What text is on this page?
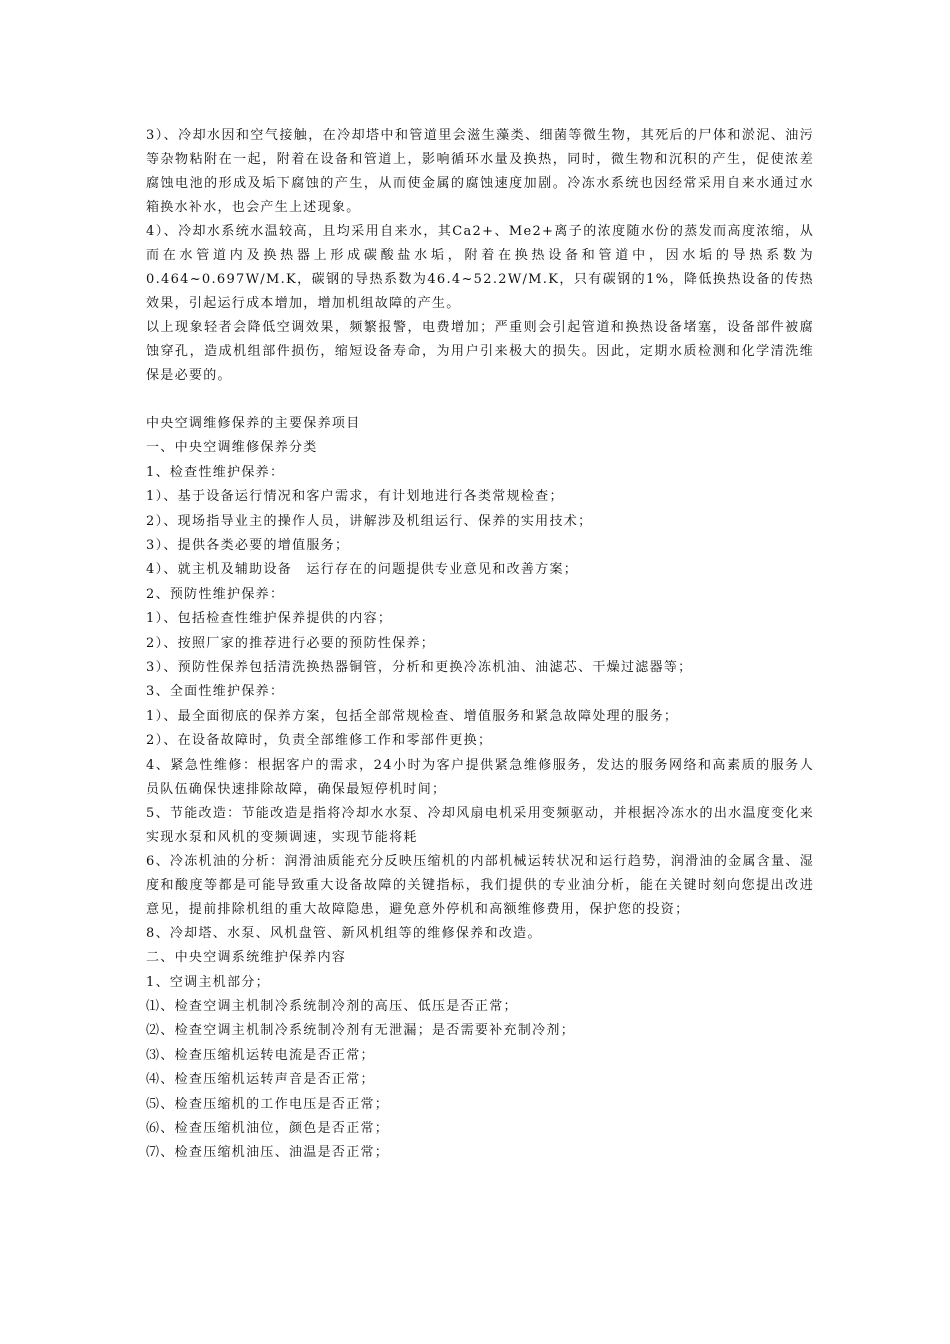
3）、冷却水因和空气接触，在冷却塔中和管道里会滋生藻类、细菌等微生物，其死后的尸体和淤泥、油污等杂物粘附在一起，附着在设备和管道上，影响循环水量及换热，同时，微生物和沉积的产生，促使浓差腐蚀电池的形成及垢下腐蚀的产生，从而使金属的腐蚀速度加剧。冷冻水系统也因经常采用自来水通过水箱换水补水，也会产生上述现象。

4）、冷却水系统水温较高，且均采用自来水，其Ca2+、Me2+离子的浓度随水份的蒸发而高度浓缩，从而在水管道内及换热器上形成碳酸盐水垢，附着在换热设备和管道中，因水垢的导热系数为0.464~0.697W/M.K，碳钢的导热系数为46.4~52.2W/M.K，只有碳钢的1%，降低换热设备的传热效果，引起运行成本增加，增加机组故障的产生。

以上现象轻者会降低空调效果，频繁报警，电费增加；严重则会引起管道和换热设备堵塞，设备部件被腐蚀穿孔，造成机组部件损伤，缩短设备寿命，为用户引来极大的损失。因此，定期水质检测和化学清洗维保是必要的。

中央空调维修保养的主要保养项目

一、中央空调维修保养分类

1、检查性维护保养：

1）、基于设备运行情况和客户需求，有计划地进行各类常规检查；

2）、现场指导业主的操作人员，讲解涉及机组运行、保养的实用技术；

3）、提供各类必要的增值服务；

4）、就主机及辅助设备　运行存在的问题提供专业意见和改善方案；

2、预防性维护保养：

1）、包括检查性维护保养提供的内容；

2）、按照厂家的推荐进行必要的预防性保养；

3）、预防性保养包括清洗换热器铜管，分析和更换冷冻机油、油滤芯、干燥过滤器等；

3、全面性维护保养：

1）、最全面彻底的保养方案，包括全部常规检查、增值服务和紧急故障处理的服务；

2）、在设备故障时，负责全部维修工作和零部件更换；

4、紧急性维修：根据客户的需求，24小时为客户提供紧急维修服务，发达的服务网络和高素质的服务人员队伍确保快速排除故障，确保最短停机时间；

5、节能改造：节能改造是指将冷却水水泵、冷却风扇电机采用变频驱动，并根据冷冻水的出水温度变化来实现水泵和风机的变频调速，实现节能将耗

6、冷冻机油的分析：润滑油质能充分反映压缩机的内部机械运转状况和运行趋势，润滑油的金属含量、湿度和酸度等都是可能导致重大设备故障的关键指标，我们提供的专业油分析，能在关键时刻向您提出改进意见，提前排除机组的重大故障隐患，避免意外停机和高额维修费用，保护您的投资；

8、冷却塔、水泵、风机盘管、新风机组等的维修保养和改造。

二、中央空调系统维护保养内容

1、空调主机部分；

⑴、检查空调主机制冷系统制冷剂的高压、低压是否正常；

⑵、检查空调主机制冷系统制冷剂有无泄漏；是否需要补充制冷剂；

⑶、检查压缩机运转电流是否正常；

⑷、检查压缩机运转声音是否正常；

⑸、检查压缩机的工作电压是否正常；

⑹、检查压缩机油位，颜色是否正常；

⑺、检查压缩机油压、油温是否正常；
